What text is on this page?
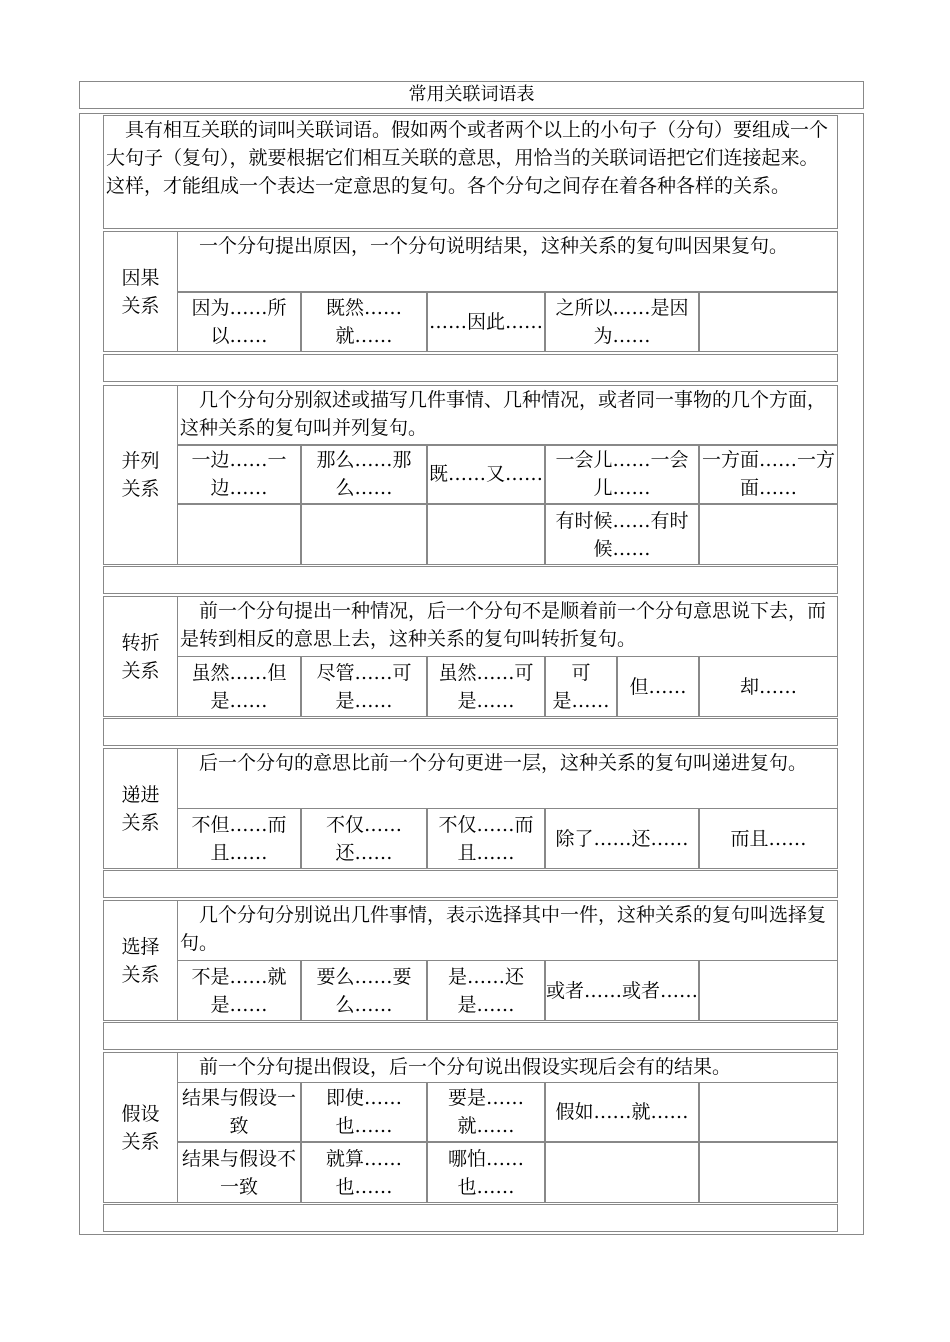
常用关联词语表
具有相互关联的词叫关联词语。假如两个或者两个以上的小句子（分句）要组成一个大句子（复句），就要根据它们相互关联的意思，用恰当的关联词语把它们连接起来。这样，才能组成一个表达一定意思的复句。各个分句之间存在着各种各样的关系。
因果关系
一个分句提出原因，一个分句说明结果，这种关系的复句叫因果复句。
因为……所以……
既然……就……
……因此……
之所以……是因为……
并列关系
几个分句分别叙述或描写几件事情、几种情况，或者同一事物的几个方面，这种关系的复句叫并列复句。
一边……一边……
那么……那么……
既……又……
一会儿……一会儿……
一方面……一方面……
有时候……有时候……
转折关系
前一个分句提出一种情况，后一个分句不是顺着前一个分句意思说下去，而是转到相反的意思上去，这种关系的复句叫转折复句。
虽然……但是……
尽管……可是……
虽然……可是……
可是……
但……	却……
递进关系
后一个分句的意思比前一个分句更进一层，这种关系的复句叫递进复句。
不但……而且……
不仅……还……
不仅……而且……
除了……还……	而且……
选择关系
几个分句分别说出几件事情，表示选择其中一件，这种关系的复句叫选择复句。
不是……就是……
要么……要么……
是……还是……
或者……或者……
假设关系
前一个分句提出假设，后一个分句说出假设实现后会有的结果。
结果与假设一致
即使……也……
要是……就……
假如……就……
结果与假设不一致
就算……也……
哪怕……也……
